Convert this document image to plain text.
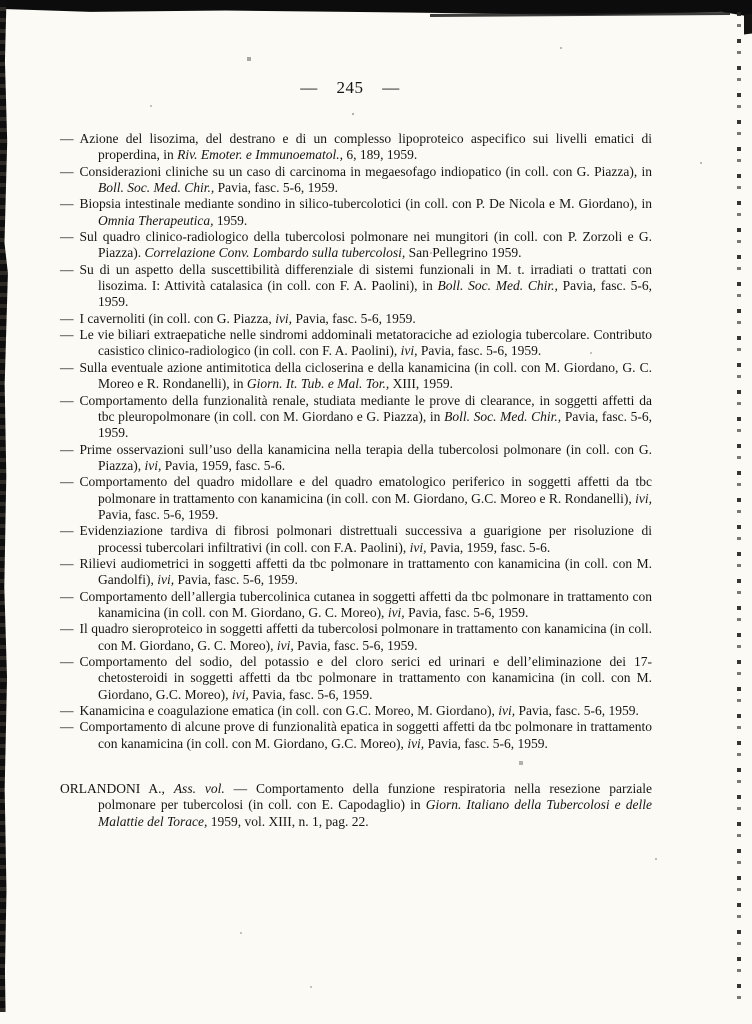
— 245 —
— Azione del lisozima, del destrano e di un complesso lipoproteico aspecifico sui livelli ematici di properdina, in Riv. Emoter. e Immunoematol., 6, 189, 1959.
— Considerazioni cliniche su un caso di carcinoma in megaesofago indiopatico (in coll. con G. Piazza), in Boll. Soc. Med. Chir., Pavia, fasc. 5-6, 1959.
— Biopsia intestinale mediante sondino in silico-tubercolotici (in coll. con P. De Nicola e M. Giordano), in Omnia Therapeutica, 1959.
— Sul quadro clinico-radiologico della tubercolosi polmonare nei mungitori (in coll. con P. Zorzoli e G. Piazza). Correlazione Conv. Lombardo sulla tubercolosi, San Pellegrino 1959.
— Su di un aspetto della suscettibilità differenziale di sistemi funzionali in M. t. irradiati o trattati con lisozima. I: Attività catalasica (in coll. con F. A. Paolini), in Boll. Soc. Med. Chir., Pavia, fasc. 5-6, 1959.
— I cavernoliti (in coll. con G. Piazza, ivi, Pavia, fasc. 5-6, 1959.
— Le vie biliari extraepatiche nelle sindromi addominali metatoraciche ad eziologia tubercolare. Contributo casistico clinico-radiologico (in coll. con F. A. Paolini), ivi, Pavia, fasc. 5-6, 1959.
— Sulla eventuale azione antimitotica della cicloserina e della kanamicina (in coll. con M. Giordano, G. C. Moreo e R. Rondanelli), in Giorn. It. Tub. e Mal. Tor., XIII, 1959.
— Comportamento della funzionalità renale, studiata mediante le prove di clearance, in soggetti affetti da tbc pleuropolmonare (in coll. con M. Giordano e G. Piazza), in Boll. Soc. Med. Chir., Pavia, fasc. 5-6, 1959.
— Prime osservazioni sull’uso della kanamicina nella terapia della tubercolosi polmonare (in coll. con G. Piazza), ivi, Pavia, 1959, fasc. 5-6.
— Comportamento del quadro midollare e del quadro ematologico periferico in soggetti affetti da tbc polmonare in trattamento con kanamicina (in coll. con M. Giordano, G.C. Moreo e R. Rondanelli), ivi, Pavia, fasc. 5-6, 1959.
— Evidenziazione tardiva di fibrosi polmonari distrettuali successiva a guarigione per risoluzione di processi tubercolari infiltrativi (in coll. con F.A. Paolini), ivi, Pavia, 1959, fasc. 5-6.
— Rilievi audiometrici in soggetti affetti da tbc polmonare in trattamento con kanamicina (in coll. con M. Gandolfi), ivi, Pavia, fasc. 5-6, 1959.
— Comportamento dell’allergia tubercolinica cutanea in soggetti affetti da tbc polmonare in trattamento con kanamicina (in coll. con M. Giordano, G. C. Moreo), ivi, Pavia, fasc. 5-6, 1959.
— Il quadro sieroproteico in soggetti affetti da tubercolosi polmonare in trattamento con kanamicina (in coll. con M. Giordano, G. C. Moreo), ivi, Pavia, fasc. 5-6, 1959.
— Comportamento del sodio, del potassio e del cloro serici ed urinari e dell’eliminazione dei 17-chetosteroidi in soggetti affetti da tbc polmonare in trattamento con kanamicina (in coll. con M. Giordano, G.C. Moreo), ivi, Pavia, fasc. 5-6, 1959.
— Kanamicina e coagulazione ematica (in coll. con G.C. Moreo, M. Giordano), ivi, Pavia, fasc. 5-6, 1959.
— Comportamento di alcune prove di funzionalità epatica in soggetti affetti da tbc polmonare in trattamento con kanamicina (in coll. con M. Giordano, G.C. Moreo), ivi, Pavia, fasc. 5-6, 1959.
ORLANDONI A., Ass. vol. — Comportamento della funzione respiratoria nella resezione parziale polmonare per tubercolosi (in coll. con E. Capodaglio) in Giorn. Italiano della Tubercolosi e delle Malattie del Torace, 1959, vol. XIII, n. 1, pag. 22.
